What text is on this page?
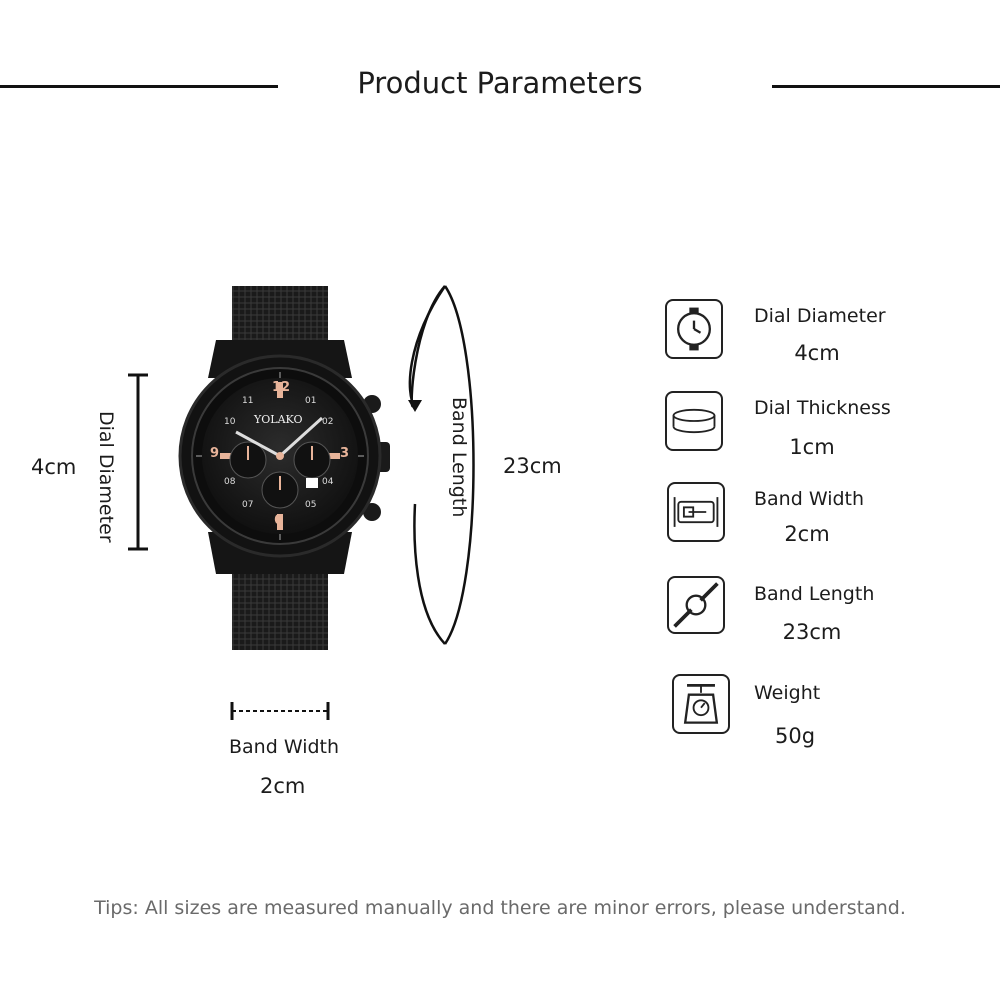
Product Parameters
Dial Diameter
4cm
YOLAKO
12
11	01
10	02
9	3
08	04
07	05
6
Band Length 23cm
Band Width
2cm
Dial Diameter
4cm
Dial Thickness
1cm
Band Width
2cm
Band Length
23cm
Weight
50g
Tips: All sizes are measured manually and there are minor errors, please understand.
